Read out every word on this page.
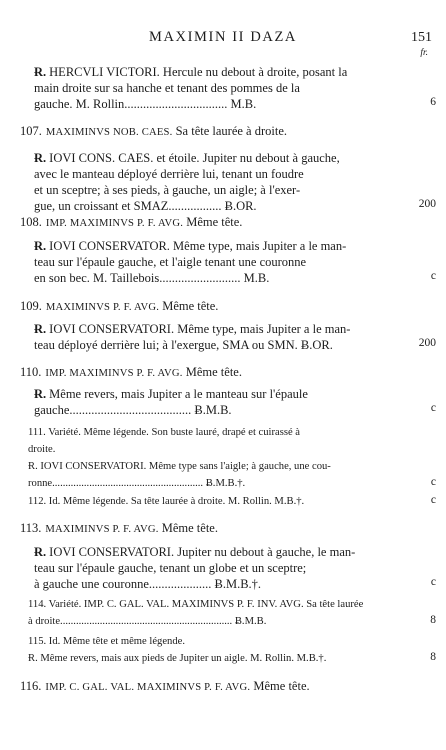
MAXIMIN II DAZA	151
fr.
Ɍ. HERCVLI VICTORI. Hercule nu debout à droite, posant la
main droite sur sa hanche et tenant des pommes de la
gauche. M. Rollin................................. M.B.	6
107. MAXIMINVS NOB. CAES. Sa tête laurée à droite.
Ɍ. IOVI CONS. CAES. et étoile. Jupiter nu debout à gauche,
avec le manteau déployé derrière lui, tenant un foudre
et un sceptre; à ses pieds, à gauche, un aigle; à l'exer-
gue, un croissant et SMAZ................. Ƀ.OR.	200
108. IMP. MAXIMINVS P. F. AVG. Même tête.
Ɍ. IOVI CONSERVATOR. Même type, mais Jupiter a le man-
teau sur l'épaule gauche, et l'aigle tenant une couronne
en son bec. M. Taillebois.......................... M.B.	c
109. MAXIMINVS P. F. AVG. Même tête.
Ɍ. IOVI CONSERVATORI. Même type, mais Jupiter a le man-
teau déployé derrière lui; à l'exergue, SMA ou SMN. Ƀ.OR.	200
110. IMP. MAXIMINVS P. F. AVG. Même tête.
Ɍ. Même revers, mais Jupiter a le manteau sur l'épaule
gauche....................................... Ƀ.M.B.	c
111. Variété. Même légende. Son buste lauré, drapé et cuirassé à
droite.
Ɍ. IOVI CONSERVATORI. Même type sans l'aigle; à gauche, une cou-
ronne......................................................... Ƀ.M.B.†.	c
112. Id. Même légende. Sa tête laurée à droite. M. Rollin. M.B.†.	c
113. MAXIMINVS P. F. AVG. Même tête.
Ɍ. IOVI CONSERVATORI. Jupiter nu debout à gauche, le man-
teau sur l'épaule gauche, tenant un globe et un sceptre;
à gauche une couronne.................... Ƀ.M.B.†.	c
114. Variété. IMP. C. GAL. VAL. MAXIMINVS P. F. INV. AVG. Sa tête laurée
à droite................................................................. Ƀ.M.B.	8
115. Id. Même tête et même légende.
Ɍ. Même revers, mais aux pieds de Jupiter un aigle. M. Rollin. M.B.†.	8
116. IMP. C. GAL. VAL. MAXIMINVS P. F. AVG. Même tête.
